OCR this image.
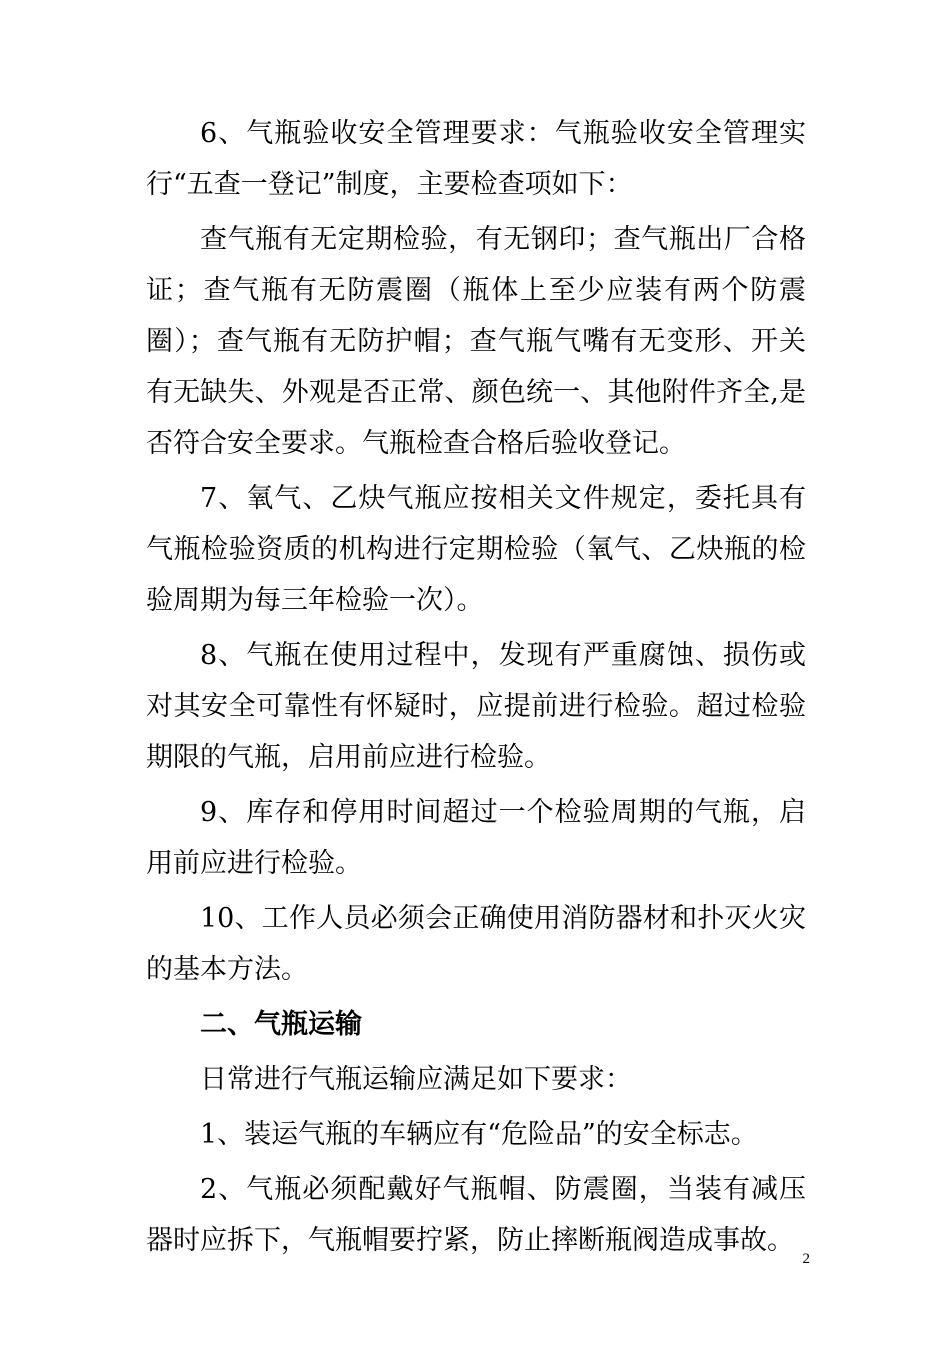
6、气瓶验收安全管理要求：气瓶验收安全管理实行“五查一登记”制度，主要检查项如下：

查气瓶有无定期检验，有无钢印；查气瓶出厂合格证；查气瓶有无防震圈（瓶体上至少应装有两个防震圈）；查气瓶有无防护帽；查气瓶气嘴有无变形、开关有无缺失、外观是否正常、颜色统一、其他附件齐全,是否符合安全要求。气瓶检查合格后验收登记。

7、氧气、乙炔气瓶应按相关文件规定，委托具有气瓶检验资质的机构进行定期检验（氧气、乙炔瓶的检验周期为每三年检验一次）。

8、气瓶在使用过程中，发现有严重腐蚀、损伤或对其安全可靠性有怀疑时，应提前进行检验。超过检验期限的气瓶，启用前应进行检验。

9、库存和停用时间超过一个检验周期的气瓶，启用前应进行检验。

10、工作人员必须会正确使用消防器材和扑灭火灾的基本方法。

二、气瓶运输

日常进行气瓶运输应满足如下要求：

1、装运气瓶的车辆应有“危险品”的安全标志。

2、气瓶必须配戴好气瓶帽、防震圈，当装有减压器时应拆下，气瓶帽要拧紧，防止摔断瓶阀造成事故。

2
